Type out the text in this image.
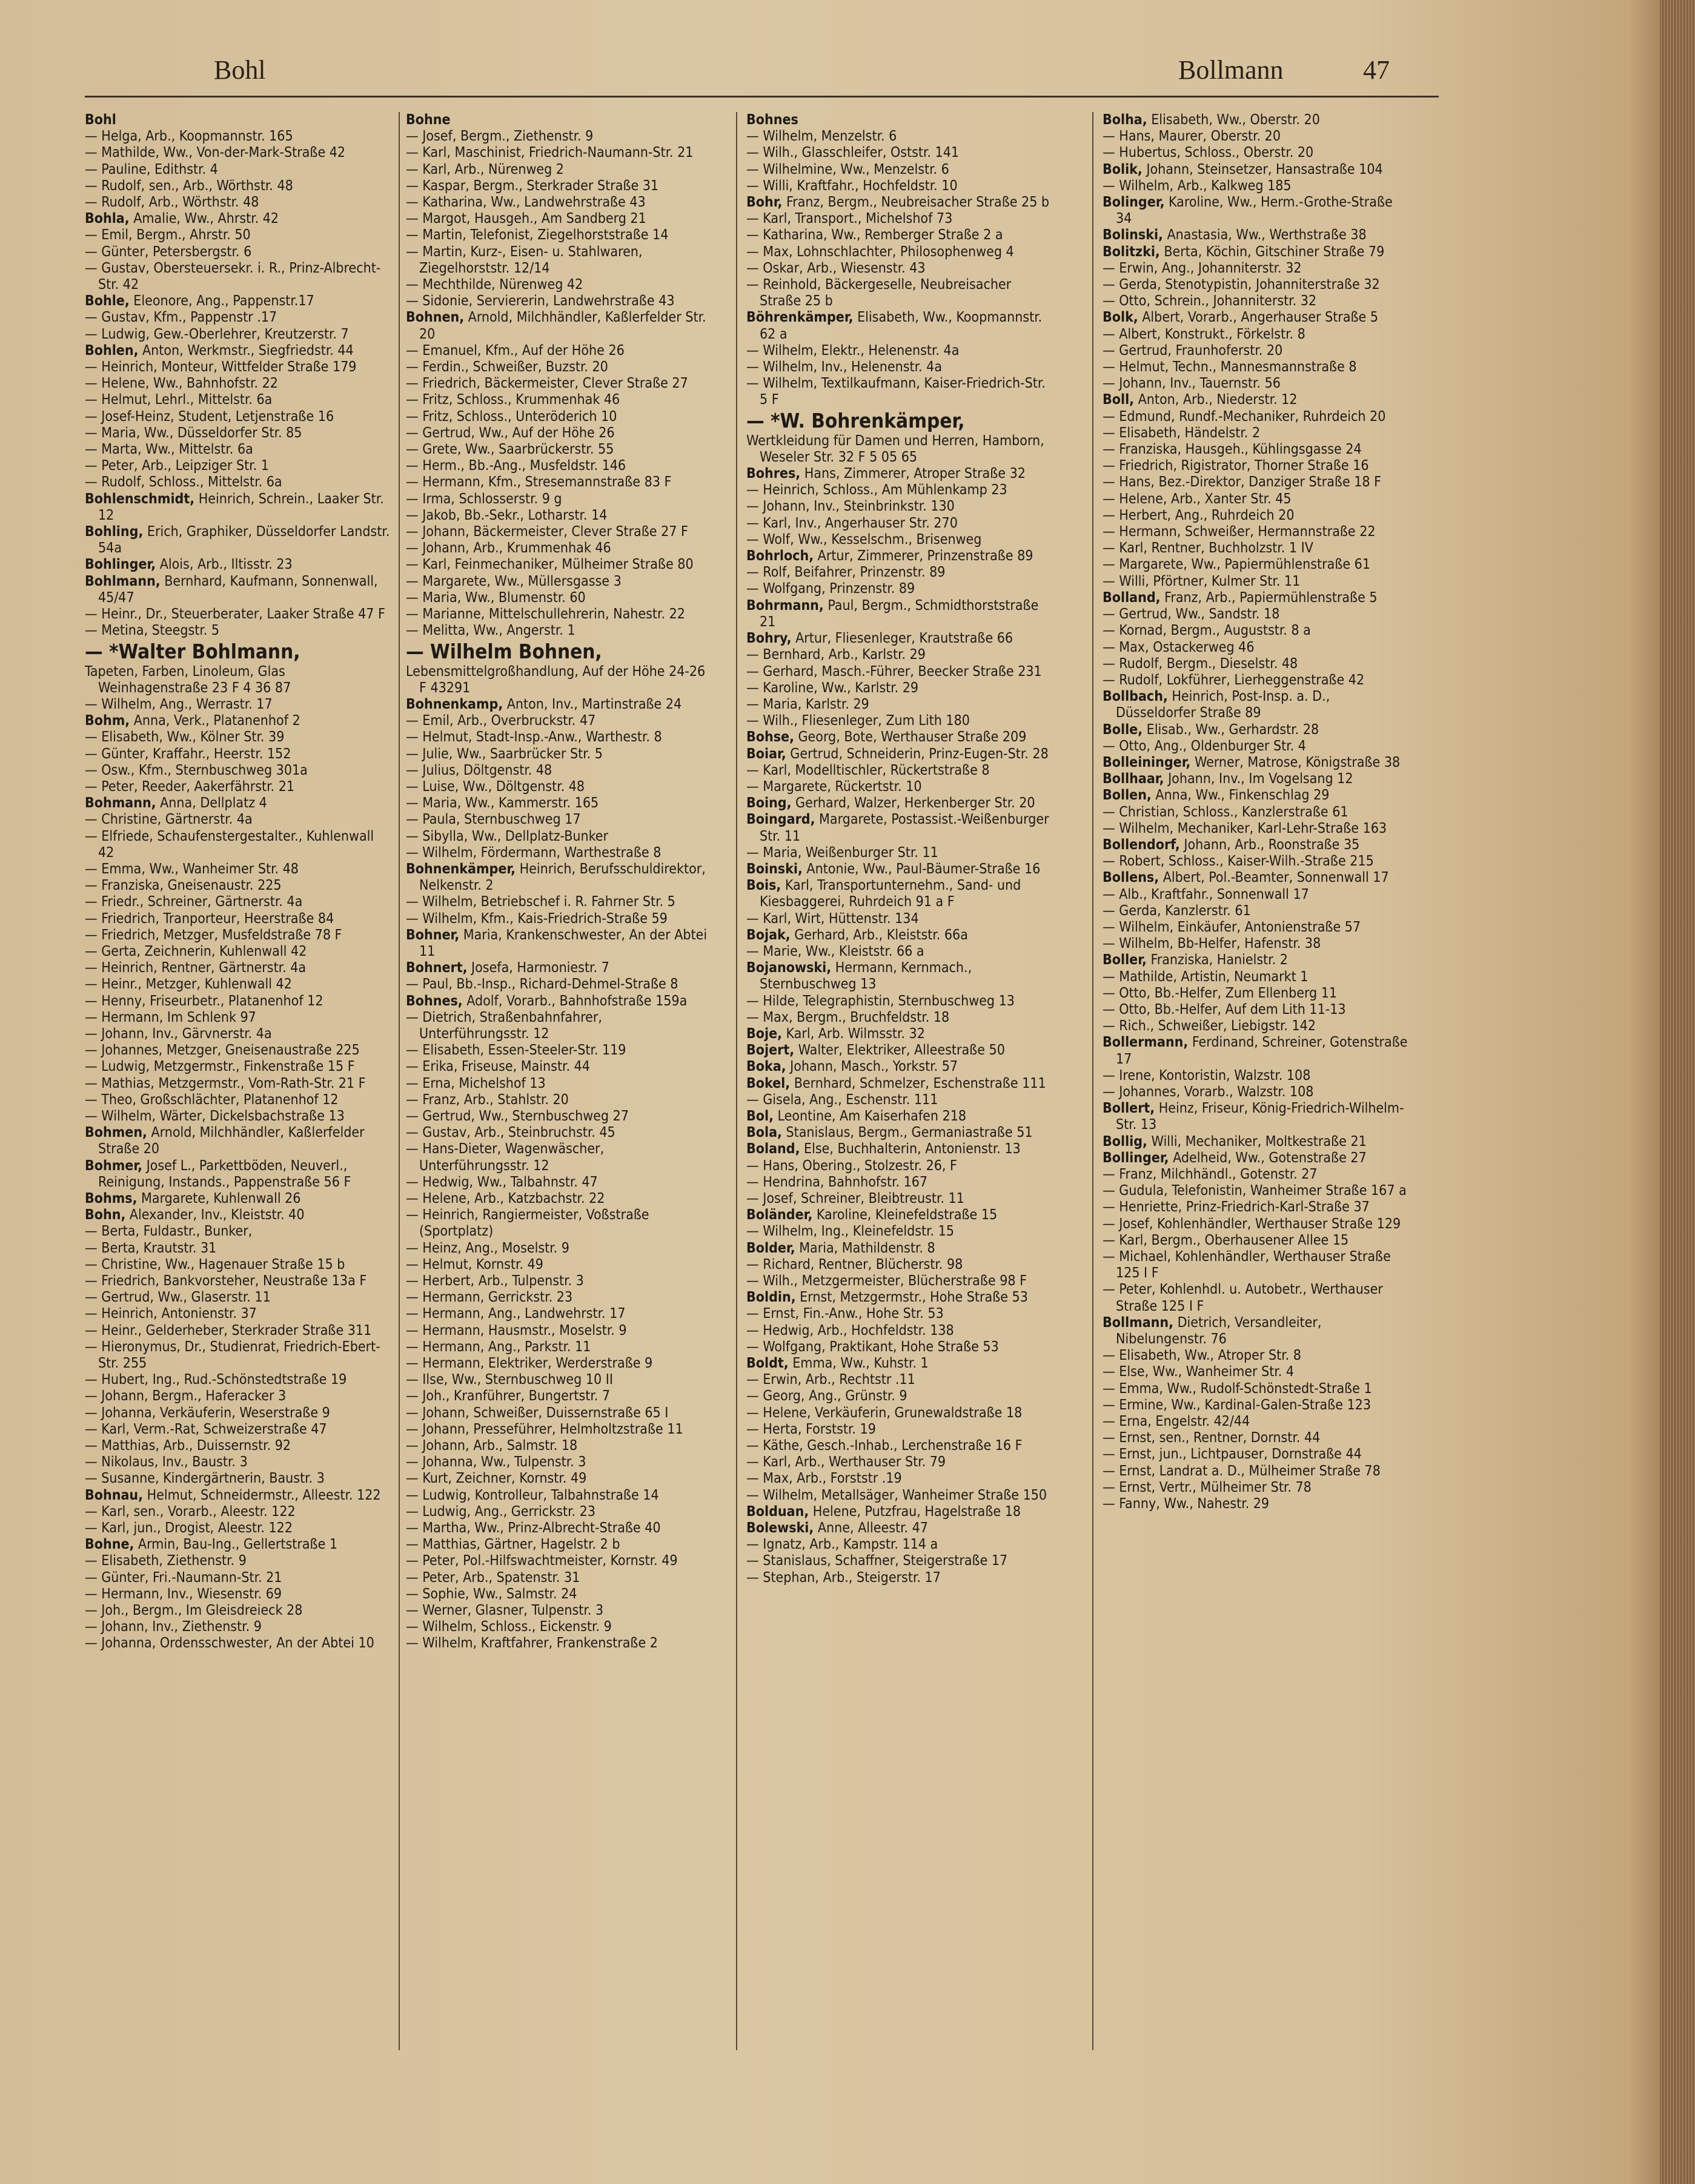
Bohl	Bollmann	47

Bohl

— Helga, Arb., Koopmannstr. 165

— Mathilde, Ww., Von-der-Mark-Straße 42

— Pauline, Edithstr. 4

— Rudolf, sen., Arb., Wörthstr. 48

— Rudolf, Arb., Wörthstr. 48

Bohla, Amalie, Ww., Ahrstr. 42

— Emil, Bergm., Ahrstr. 50

— Günter, Petersbergstr. 6

— Gustav, Obersteuersekr. i. R., Prinz-Albrecht-Str. 42

Bohle, Eleonore, Ang., Pappenstr.17

— Gustav, Kfm., Pappenstr .17

— Ludwig, Gew.-Oberlehrer, Kreutzerstr. 7

Bohlen, Anton, Werkmstr., Siegfriedstr. 44

— Heinrich, Monteur, Wittfelder Straße 179

— Helene, Ww., Bahnhofstr. 22

— Helmut, Lehrl., Mittelstr. 6a

— Josef-Heinz, Student, Letjenstraße 16

— Maria, Ww., Düsseldorfer Str. 85

— Marta, Ww., Mittelstr. 6a

— Peter, Arb., Leipziger Str. 1

— Rudolf, Schloss., Mittelstr. 6a

Bohlenschmidt, Heinrich, Schrein., Laaker Str. 12

Bohling, Erich, Graphiker, Düsseldorfer Landstr. 54a

Bohlinger, Alois, Arb., Iltisstr. 23

Bohlmann, Bernhard, Kaufmann, Sonnenwall, 45/47

— Heinr., Dr., Steuerberater, Laaker Straße 47 F

— Metina, Steegstr. 5

— *Walter Bohlmann,

Tapeten, Farben, Linoleum, Glas Weinhagenstraße 23 F 4 36 87

— Wilhelm, Ang., Werrastr. 17

Bohm, Anna, Verk., Platanenhof 2

— Elisabeth, Ww., Kölner Str. 39

— Günter, Kraffahr., Heerstr. 152

— Osw., Kfm., Sternbuschweg 301a

— Peter, Reeder, Aakerfährstr. 21

Bohmann, Anna, Dellplatz 4

— Christine, Gärtnerstr. 4a

— Elfriede, Schaufenstergestalter., Kuhlenwall 42

— Emma, Ww., Wanheimer Str. 48

— Franziska, Gneisenaustr. 225

— Friedr., Schreiner, Gärtnerstr. 4a

— Friedrich, Tranporteur, Heerstraße 84

— Friedrich, Metzger, Musfeldstraße 78 F

— Gerta, Zeichnerin, Kuhlenwall 42

— Heinrich, Rentner, Gärtnerstr. 4a

— Heinr., Metzger, Kuhlenwall 42

— Henny, Friseurbetr., Platanenhof 12

— Hermann, Im Schlenk 97

— Johann, Inv., Gärvnerstr. 4a

— Johannes, Metzger, Gneisenaustraße 225

— Ludwig, Metzgermstr., Finkenstraße 15 F

— Mathias, Metzgermstr., Vom-Rath-Str. 21 F

— Theo, Großschlächter, Platanenhof 12

— Wilhelm, Wärter, Dickelsbachstraße 13

Bohmen, Arnold, Milchhändler, Kaßlerfelder Straße 20

Bohmer, Josef L., Parkettböden, Neuverl., Reinigung, Instands., Pappenstraße 56 F

Bohms, Margarete, Kuhlenwall 26

Bohn, Alexander, Inv., Kleiststr. 40

— Berta, Fuldastr., Bunker,

— Berta, Krautstr. 31

— Christine, Ww., Hagenauer Straße 15 b

— Friedrich, Bankvorsteher, Neustraße 13a F

— Gertrud, Ww., Glaserstr. 11

— Heinrich, Antonienstr. 37

— Heinr., Gelderheber, Sterkrader Straße 311

— Hieronymus, Dr., Studienrat, Friedrich-Ebert-Str. 255

— Hubert, Ing., Rud.-Schönstedtstraße 19

— Johann, Bergm., Haferacker 3

— Johanna, Verkäuferin, Weserstraße 9

— Karl, Verm.-Rat, Schweizerstraße 47

— Matthias, Arb., Duissernstr. 92

— Nikolaus, Inv., Baustr. 3

— Susanne, Kindergärtnerin, Baustr. 3

Bohnau, Helmut, Schneidermstr., Alleestr. 122

— Karl, sen., Vorarb., Aleestr. 122

— Karl, jun., Drogist, Aleestr. 122

Bohne, Armin, Bau-Ing., Gellertstraße 1

— Elisabeth, Ziethenstr. 9

— Günter, Fri.-Naumann-Str. 21

— Hermann, Inv., Wiesenstr. 69

— Joh., Bergm., Im Gleisdreieck 28

— Johann, Inv., Ziethenstr. 9

— Johanna, Ordensschwester, An der Abtei 10

Bohne

— Josef, Bergm., Ziethenstr. 9

— Karl, Maschinist, Friedrich-Naumann-Str. 21

— Karl, Arb., Nürenweg 2

— Kaspar, Bergm., Sterkrader Straße 31

— Katharina, Ww., Landwehrstraße 43

— Margot, Hausgeh., Am Sandberg 21

— Martin, Telefonist, Ziegelhorststraße 14

— Martin, Kurz-, Eisen- u. Stahlwaren, Ziegelhorststr. 12/14

— Mechthilde, Nürenweg 42

— Sidonie, Serviererin, Landwehrstraße 43

Bohnen, Arnold, Milchhändler, Kaßlerfelder Str. 20

— Emanuel, Kfm., Auf der Höhe 26

— Ferdin., Schweißer, Buzstr. 20

— Friedrich, Bäckermeister, Clever Straße 27

— Fritz, Schloss., Krummenhak 46

— Fritz, Schloss., Unteröderich 10

— Gertrud, Ww., Auf der Höhe 26

— Grete, Ww., Saarbrückerstr. 55

— Herm., Bb.-Ang., Musfeldstr. 146

— Hermann, Kfm., Stresemannstraße 83 F

— Irma, Schlosserstr. 9 g

— Jakob, Bb.-Sekr., Lotharstr. 14

— Johann, Bäckermeister, Clever Straße 27 F

— Johann, Arb., Krummenhak 46

— Karl, Feinmechaniker, Mülheimer Straße 80

— Margarete, Ww., Müllersgasse 3

— Maria, Ww., Blumenstr. 60

— Marianne, Mittelschullehrerin, Nahestr. 22

— Melitta, Ww., Angerstr. 1

— Wilhelm Bohnen,

Lebensmittelgroßhandlung, Auf der Höhe 24-26 F 43291

Bohnenkamp, Anton, Inv., Martinstraße 24

— Emil, Arb., Overbruckstr. 47

— Helmut, Stadt-Insp.-Anw., Warthestr. 8

— Julie, Ww., Saarbrücker Str. 5

— Julius, Döltgenstr. 48

— Luise, Ww., Döltgenstr. 48

— Maria, Ww., Kammerstr. 165

— Paula, Sternbuschweg 17

— Sibylla, Ww., Dellplatz-Bunker

— Wilhelm, Fördermann, Warthestraße 8

Bohnenkämper, Heinrich, Berufsschuldirektor, Nelkenstr. 2

— Wilhelm, Betriebschef i. R. Fahrner Str. 5

— Wilhelm, Kfm., Kais-Friedrich-Straße 59

Bohner, Maria, Krankenschwester, An der Abtei 11

Bohnert, Josefa, Harmoniestr. 7

— Paul, Bb.-Insp., Richard-Dehmel-Straße 8

Bohnes, Adolf, Vorarb., Bahnhofstraße 159a

— Dietrich, Straßenbahnfahrer, Unterführungsstr. 12

— Elisabeth, Essen-Steeler-Str. 119

— Erika, Friseuse, Mainstr. 44

— Erna, Michelshof 13

— Franz, Arb., Stahlstr. 20

— Gertrud, Ww., Sternbuschweg 27

— Gustav, Arb., Steinbruchstr. 45

— Hans-Dieter, Wagenwäscher, Unterführungsstr. 12

— Hedwig, Ww., Talbahnstr. 47

— Helene, Arb., Katzbachstr. 22

— Heinrich, Rangiermeister, Voßstraße (Sportplatz)

— Heinz, Ang., Moselstr. 9

— Helmut, Kornstr. 49

— Herbert, Arb., Tulpenstr. 3

— Hermann, Gerrickstr. 23

— Hermann, Ang., Landwehrstr. 17

— Hermann, Hausmstr., Moselstr. 9

— Hermann, Ang., Parkstr. 11

— Hermann, Elektriker, Werderstraße 9

— Ilse, Ww., Sternbuschweg 10 II

— Joh., Kranführer, Bungertstr. 7

— Johann, Schweißer, Duissernstraße 65 I

— Johann, Presseführer, Helmholtzstraße 11

— Johann, Arb., Salmstr. 18

— Johanna, Ww., Tulpenstr. 3

— Kurt, Zeichner, Kornstr. 49

— Ludwig, Kontrolleur, Talbahnstraße 14

— Ludwig, Ang., Gerrickstr. 23

— Martha, Ww., Prinz-Albrecht-Straße 40

— Matthias, Gärtner, Hagelstr. 2 b

— Peter, Pol.-Hilfswachtmeister, Kornstr. 49

— Peter, Arb., Spatenstr. 31

— Sophie, Ww., Salmstr. 24

— Werner, Glasner, Tulpenstr. 3

— Wilhelm, Schloss., Eickenstr. 9

— Wilhelm, Kraftfahrer, Frankenstraße 2

Bohnes

— Wilhelm, Menzelstr. 6

— Wilh., Glasschleifer, Oststr. 141

— Wilhelmine, Ww., Menzelstr. 6

— Willi, Kraftfahr., Hochfeldstr. 10

Bohr, Franz, Bergm., Neubreisacher Straße 25 b

— Karl, Transport., Michelshof 73

— Katharina, Ww., Remberger Straße 2 a

— Max, Lohnschlachter, Philosophenweg 4

— Oskar, Arb., Wiesenstr. 43

— Reinhold, Bäckergeselle, Neubreisacher Straße 25 b

Böhrenkämper, Elisabeth, Ww., Koopmannstr. 62 a

— Wilhelm, Elektr., Helenenstr. 4a

— Wilhelm, Inv., Helenenstr. 4a

— Wilhelm, Textilkaufmann, Kaiser-Friedrich-Str. 5 F

— *W. Bohrenkämper,

Wertkleidung für Damen und Herren, Hamborn, Weseler Str. 32 F 5 05 65

Bohres, Hans, Zimmerer, Atroper Straße 32

— Heinrich, Schloss., Am Mühlenkamp 23

— Johann, Inv., Steinbrinkstr. 130

— Karl, Inv., Angerhauser Str. 270

— Wolf, Ww., Kesselschm., Brisenweg

Bohrloch, Artur, Zimmerer, Prinzenstraße 89

— Rolf, Beifahrer, Prinzenstr. 89

— Wolfgang, Prinzenstr. 89

Bohrmann, Paul, Bergm., Schmidthorststraße 21

Bohry, Artur, Fliesenleger, Krautstraße 66

— Bernhard, Arb., Karlstr. 29

— Gerhard, Masch.-Führer, Beecker Straße 231

— Karoline, Ww., Karlstr. 29

— Maria, Karlstr. 29

— Wilh., Fliesenleger, Zum Lith 180

Bohse, Georg, Bote, Werthauser Straße 209

Boiar, Gertrud, Schneiderin, Prinz-Eugen-Str. 28

— Karl, Modelltischler, Rückertstraße 8

— Margarete, Rückertstr. 10

Boing, Gerhard, Walzer, Herkenberger Str. 20

Boingard, Margarete, Postassist.-Weißenburger Str. 11

— Maria, Weißenburger Str. 11

Boinski, Antonie, Ww., Paul-Bäumer-Straße 16

Bois, Karl, Transportunternehm., Sand- und Kiesbaggerei, Ruhrdeich 91 a F

— Karl, Wirt, Hüttenstr. 134

Bojak, Gerhard, Arb., Kleiststr. 66a

— Marie, Ww., Kleiststr. 66 a

Bojanowski, Hermann, Kernmach., Sternbuschweg 13

— Hilde, Telegraphistin, Sternbuschweg 13

— Max, Bergm., Bruchfeldstr. 18

Boje, Karl, Arb. Wilmsstr. 32

Bojert, Walter, Elektriker, Alleestraße 50

Boka, Johann, Masch., Yorkstr. 57

Bokel, Bernhard, Schmelzer, Eschenstraße 111

— Gisela, Ang., Eschenstr. 111

Bol, Leontine, Am Kaiserhafen 218

Bola, Stanislaus, Bergm., Germaniastraße 51

Boland, Else, Buchhalterin, Antonienstr. 13

— Hans, Obering., Stolzestr. 26, F

— Hendrina, Bahnhofstr. 167

— Josef, Schreiner, Bleibtreustr. 11

Boländer, Karoline, Kleinefeldstraße 15

— Wilhelm, Ing., Kleinefeldstr. 15

Bolder, Maria, Mathildenstr. 8

— Richard, Rentner, Blücherstr. 98

— Wilh., Metzgermeister, Blücherstraße 98 F

Boldin, Ernst, Metzgermstr., Hohe Straße 53

— Ernst, Fin.-Anw., Hohe Str. 53

— Hedwig, Arb., Hochfeldstr. 138

— Wolfgang, Praktikant, Hohe Straße 53

Boldt, Emma, Ww., Kuhstr. 1

— Erwin, Arb., Rechtstr .11

— Georg, Ang., Grünstr. 9

— Helene, Verkäuferin, Grunewaldstraße 18

— Herta, Forststr. 19

— Käthe, Gesch.-Inhab., Lerchenstraße 16 F

— Karl, Arb., Werthauser Str. 79

— Max, Arb., Forststr .19

— Wilhelm, Metallsäger, Wanheimer Straße 150

Bolduan, Helene, Putzfrau, Hagelstraße 18

Bolewski, Anne, Alleestr. 47

— Ignatz, Arb., Kampstr. 114 a

— Stanislaus, Schaffner, Steigerstraße 17

— Stephan, Arb., Steigerstr. 17

Bolha, Elisabeth, Ww., Oberstr. 20

— Hans, Maurer, Oberstr. 20

— Hubertus, Schloss., Oberstr. 20

Bolik, Johann, Steinsetzer, Hansastraße 104

— Wilhelm, Arb., Kalkweg 185

Bolinger, Karoline, Ww., Herm.-Grothe-Straße 34

Bolinski, Anastasia, Ww., Werthstraße 38

Bolitzki, Berta, Köchin, Gitschiner Straße 79

— Erwin, Ang., Johanniterstr. 32

— Gerda, Stenotypistin, Johanniterstraße 32

— Otto, Schrein., Johanniterstr. 32

Bolk, Albert, Vorarb., Angerhauser Straße 5

— Albert, Konstrukt., Förkelstr. 8

— Gertrud, Fraunhoferstr. 20

— Helmut, Techn., Mannesmannstraße 8

— Johann, Inv., Tauernstr. 56

Boll, Anton, Arb., Niederstr. 12

— Edmund, Rundf.-Mechaniker, Ruhrdeich 20

— Elisabeth, Händelstr. 2

— Franziska, Hausgeh., Kühlingsgasse 24

— Friedrich, Rigistrator, Thorner Straße 16

— Hans, Bez.-Direktor, Danziger Straße 18 F

— Helene, Arb., Xanter Str. 45

— Herbert, Ang., Ruhrdeich 20

— Hermann, Schweißer, Hermannstraße 22

— Karl, Rentner, Buchholzstr. 1 IV

— Margarete, Ww., Papiermühlenstraße 61

— Willi, Pförtner, Kulmer Str. 11

Bolland, Franz, Arb., Papiermühlenstraße 5

— Gertrud, Ww., Sandstr. 18

— Kornad, Bergm., Auguststr. 8 a

— Max, Ostackerweg 46

— Rudolf, Bergm., Dieselstr. 48

— Rudolf, Lokführer, Lierheggenstraße 42

Bollbach, Heinrich, Post-Insp. a. D., Düsseldorfer Straße 89

Bolle, Elisab., Ww., Gerhardstr. 28

— Otto, Ang., Oldenburger Str. 4

Bolleininger, Werner, Matrose, Königstraße 38

Bollhaar, Johann, Inv., Im Vogelsang 12

Bollen, Anna, Ww., Finkenschlag 29

— Christian, Schloss., Kanzlerstraße 61

— Wilhelm, Mechaniker, Karl-Lehr-Straße 163

Bollendorf, Johann, Arb., Roonstraße 35

— Robert, Schloss., Kaiser-Wilh.-Straße 215

Bollens, Albert, Pol.-Beamter, Sonnenwall 17

— Alb., Kraftfahr., Sonnenwall 17

— Gerda, Kanzlerstr. 61

— Wilhelm, Einkäufer, Antonienstraße 57

— Wilhelm, Bb-Helfer, Hafenstr. 38

Boller, Franziska, Hanielstr. 2

— Mathilde, Artistin, Neumarkt 1

— Otto, Bb.-Helfer, Zum Ellenberg 11

— Otto, Bb.-Helfer, Auf dem Lith 11-13

— Rich., Schweißer, Liebigstr. 142

Bollermann, Ferdinand, Schreiner, Gotenstraße 17

— Irene, Kontoristin, Walzstr. 108

— Johannes, Vorarb., Walzstr. 108

Bollert, Heinz, Friseur, König-Friedrich-Wilhelm-Str. 13

Bollig, Willi, Mechaniker, Moltkestraße 21

Bollinger, Adelheid, Ww., Gotenstraße 27

— Franz, Milchhändl., Gotenstr. 27

— Gudula, Telefonistin, Wanheimer Straße 167 a

— Henriette, Prinz-Friedrich-Karl-Straße 37

— Josef, Kohlenhändler, Werthauser Straße 129

— Karl, Bergm., Oberhausener Allee 15

— Michael, Kohlenhändler, Werthauser Straße 125 I F

— Peter, Kohlenhdl. u. Autobetr., Werthauser Straße 125 I F

Bollmann, Dietrich, Versandleiter, Nibelungenstr. 76

— Elisabeth, Ww., Atroper Str. 8

— Else, Ww., Wanheimer Str. 4

— Emma, Ww., Rudolf-Schönstedt-Straße 1

— Ermine, Ww., Kardinal-Galen-Straße 123

— Erna, Engelstr. 42/44

— Ernst, sen., Rentner, Dornstr. 44

— Ernst, jun., Lichtpauser, Dornstraße 44

— Ernst, Landrat a. D., Mülheimer Straße 78

— Ernst, Vertr., Mülheimer Str. 78

— Fanny, Ww., Nahestr. 29
